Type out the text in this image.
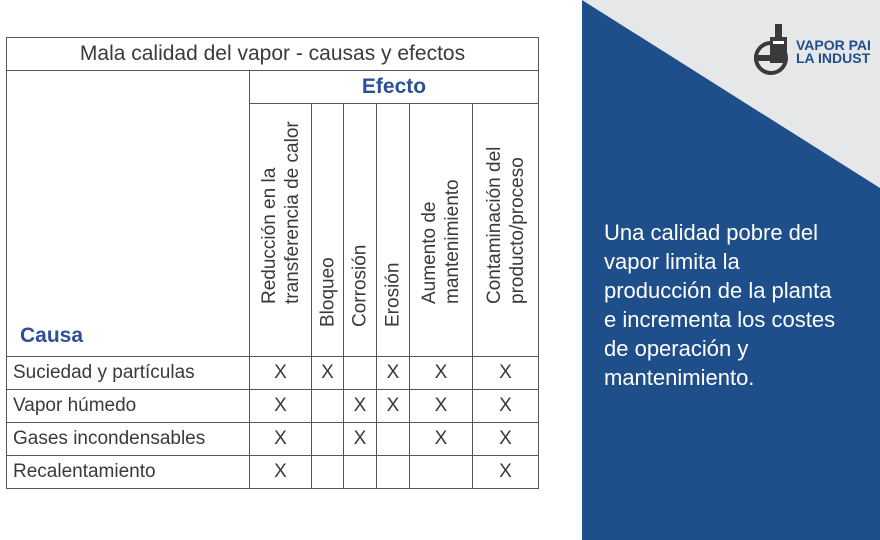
Mala calidad del vapor - causas y efectos						
Causa	Efecto					

	Reducción en la transferencia de calor	Bloqueo	Corrosión	Erosión	Aumento de mantenimiento	Contaminación del producto/proceso

Suciedad y partículas	X	X		X	X	X
Vapor húmedo	X		X	X	X	X
Gases incondensables	X		X		X	X
Recalentamiento	X					X
VAPOR PAI
LA INDUST
Una calidad pobre del
vapor limita la
producción de la planta
e incrementa los costes
de operación y
mantenimiento.
